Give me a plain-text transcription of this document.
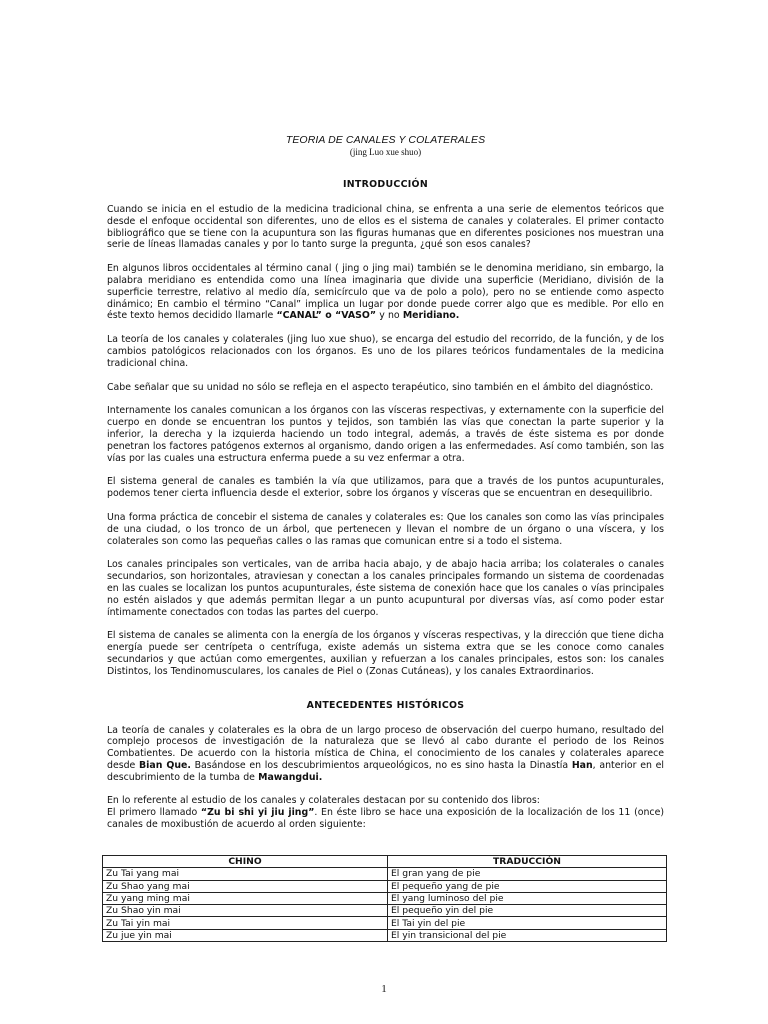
TEORIA DE CANALES Y COLATERALES

(jing Luo xue shuo)

INTRODUCCIÓN

Cuando se inicia en el estudio de la medicina tradicional china, se enfrenta a una serie de elementos teóricos que desde el enfoque occidental son diferentes, uno de ellos es el sistema de canales y colaterales. El primer contacto bibliográfico que se tiene con la acupuntura son las figuras humanas que en diferentes posiciones nos muestran una serie de líneas llamadas canales y por lo tanto surge la pregunta, ¿qué son esos canales?

En algunos libros occidentales al término canal ( jing o jing mai) también se le denomina meridiano, sin embargo, la palabra meridiano es entendida como una línea imaginaria que divide una superficie (Meridiano, división de la superficie terrestre, relativo al medio día, semicírculo que va de polo a polo), pero no se entiende como aspecto dinámico; En cambio el término “Canal” implica un lugar por donde puede correr algo que es medible. Por ello en éste texto hemos decidido llamarle “CANAL” o “VASO” y no Meridiano.

La teoría de los canales y colaterales (jing luo xue shuo), se encarga del estudio del recorrido, de la función, y de los cambios patológicos relacionados con los órganos. Es uno de los pilares teóricos fundamentales de la medicina tradicional china.

Cabe señalar que su unidad no sólo se refleja en el aspecto terapéutico, sino también en el ámbito del diagnóstico.

Internamente los canales comunican a los órganos con las vísceras respectivas, y externamente con la superficie del cuerpo en donde se encuentran los puntos y tejidos, son también las vías que conectan la parte superior y la inferior, la derecha y la izquierda haciendo un todo integral, además, a través de éste sistema es por donde penetran los factores patógenos externos al organismo, dando origen a las enfermedades. Así como también, son las vías por las cuales una estructura enferma puede a su vez enfermar a otra.

El sistema general de canales es también la vía que utilizamos, para que a través de los puntos acupunturales, podemos tener cierta influencia desde el exterior, sobre los órganos y vísceras que se encuentran en desequilibrio.

Una forma práctica de concebir el sistema de canales y colaterales es: Que los canales son como las vías principales de una ciudad, o los tronco de un árbol, que pertenecen y llevan el nombre de un órgano o una víscera, y los colaterales son como las pequeñas calles o las ramas que comunican entre si a todo el sistema.

Los canales principales son verticales, van de arriba hacia abajo, y de abajo hacia arriba; los colaterales o canales secundarios, son horizontales, atraviesan y conectan a los canales principales formando un sistema de coordenadas en las cuales se localizan los puntos acupunturales, éste sistema de conexión hace que los canales o vías principales no estén aislados y que además permitan llegar a un punto acupuntural por diversas vías, así como poder estar íntimamente conectados con todas las partes del cuerpo.

El sistema de canales se alimenta con la energía de los órganos y vísceras respectivas, y la dirección que tiene dicha energía puede ser centrípeta o centrífuga, existe además un sistema extra que se les conoce como canales secundarios y que actúan como emergentes, auxilian y refuerzan a los canales principales, estos son: los canales Distintos, los Tendinomusculares, los canales de Piel o (Zonas Cutáneas), y los canales Extraordinarios.

ANTECEDENTES HISTÓRICOS

La teoría de canales y colaterales es la obra de un largo proceso de observación del cuerpo humano, resultado del complejo procesos de investigación de la naturaleza que se llevó al cabo durante el periodo de los Reinos Combatientes. De acuerdo con la historia mística de China, el conocimiento de los canales y colaterales aparece desde Bian Que. Basándose en los descubrimientos arqueológicos, no es sino hasta la Dinastía Han, anterior en el descubrimiento de la tumba de Mawangdui.

En lo referente al estudio de los canales y colaterales destacan por su contenido dos libros:

El primero llamado “Zu bi shi yi jiu jing”. En éste libro se hace una exposición de la localización de los 11 (once) canales de moxibustión de acuerdo al orden siguiente:

CHINO	TRADUCCIÓN
Zu Tai yang mai	El gran yang de pie
Zu Shao yang mai	El pequeño yang de pie
Zu yang ming mai	El yang luminoso del pie
Zu Shao yin mai	El pequeño yin del pie
Zu Tai yin mai	El Tai yin del pie
Zu jue yin mai	El yin transicional del pie
1
